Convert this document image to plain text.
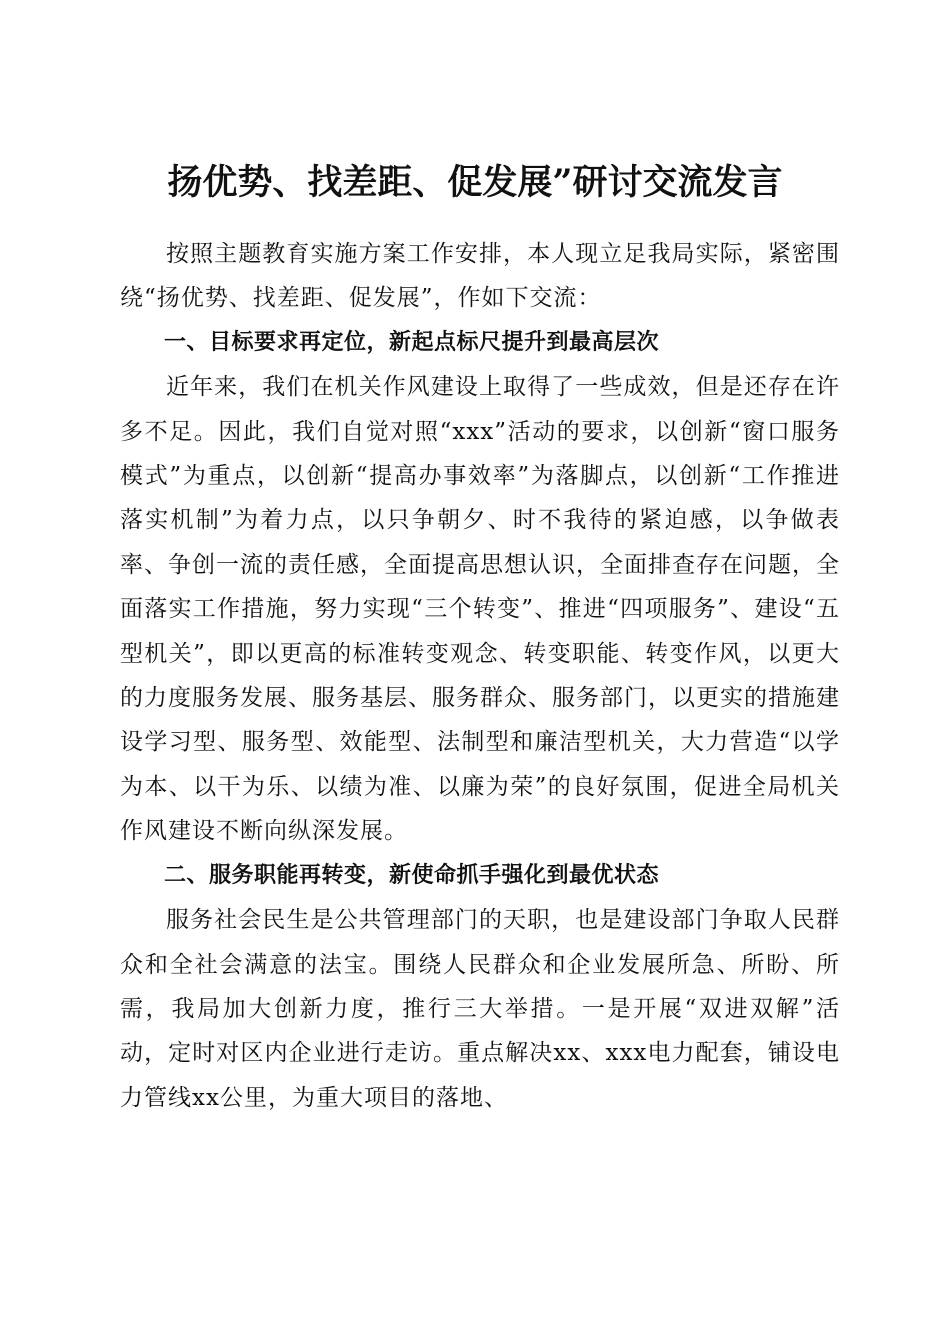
扬优势、找差距、促发展”研讨交流发言

按照主题教育实施方案工作安排，本人现立足我局实际，紧密围绕“扬优势、找差距、促发展”，作如下交流：

一、目标要求再定位，新起点标尺提升到最高层次

近年来，我们在机关作风建设上取得了一些成效，但是还存在许多不足。因此，我们自觉对照“xxx”活动的要求，以创新“窗口服务模式”为重点，以创新“提高办事效率”为落脚点，以创新“工作推进落实机制”为着力点，以只争朝夕、时不我待的紧迫感，以争做表率、争创一流的责任感，全面提高思想认识，全面排查存在问题，全面落实工作措施，努力实现“三个转变”、推进“四项服务”、建设“五型机关”，即以更高的标准转变观念、转变职能、转变作风，以更大的力度服务发展、服务基层、服务群众、服务部门，以更实的措施建设学习型、服务型、效能型、法制型和廉洁型机关，大力营造“以学为本、以干为乐、以绩为准、以廉为荣”的良好氛围，促进全局机关作风建设不断向纵深发展。

二、服务职能再转变，新使命抓手强化到最优状态

服务社会民生是公共管理部门的天职，也是建设部门争取人民群众和全社会满意的法宝。围绕人民群众和企业发展所急、所盼、所需，我局加大创新力度，推行三大举措。一是开展“双进双解”活动，定时对区内企业进行走访。重点解决xx、xxx电力配套，铺设电力管线xx公里，为重大项目的落地、
